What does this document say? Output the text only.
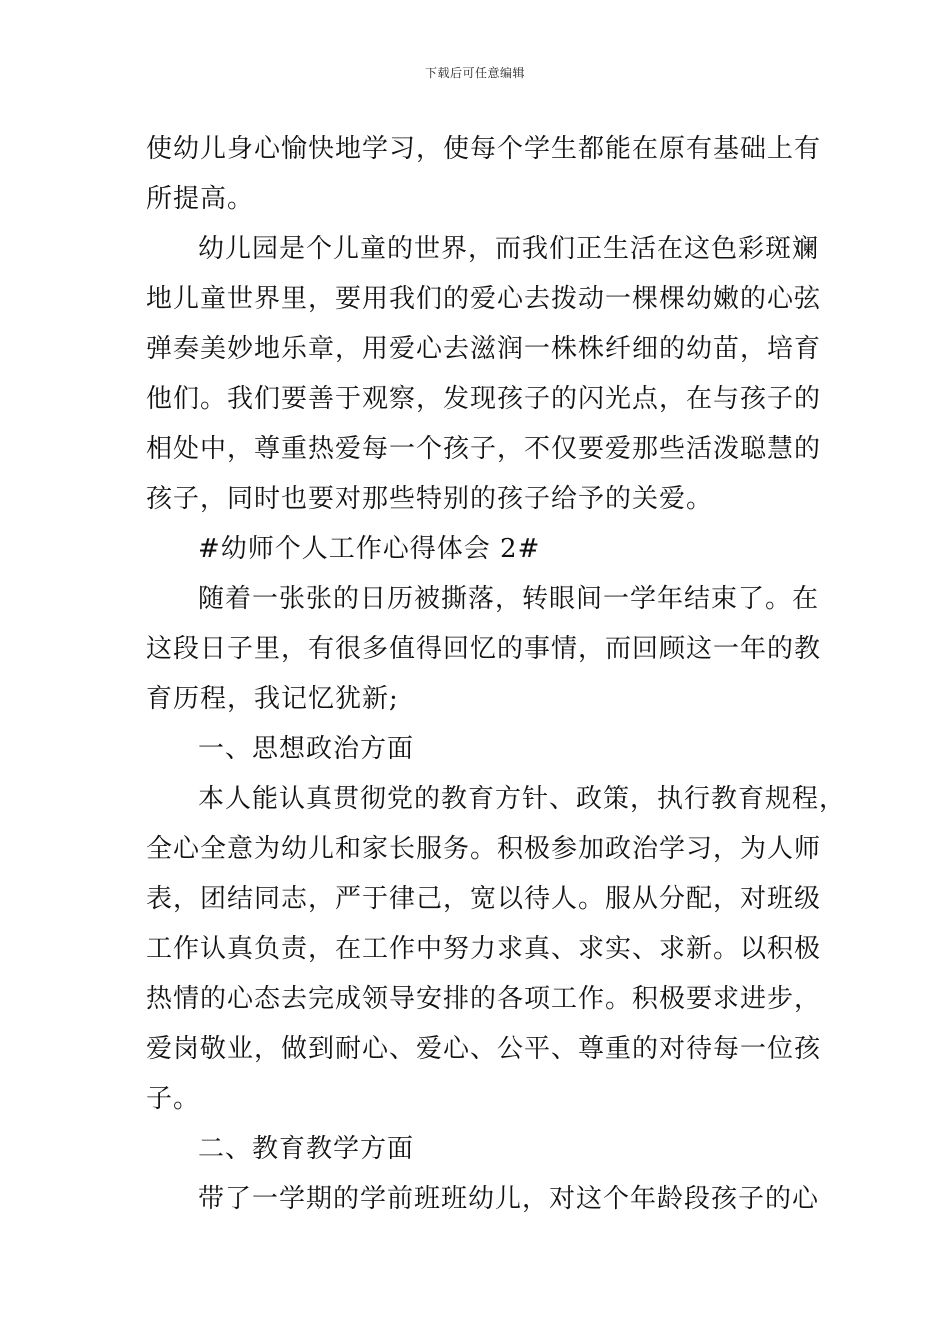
下载后可任意编辑
使幼儿身心愉快地学习，使每个学生都能在原有基础上有
所提高。
幼儿园是个儿童的世界，而我们正生活在这色彩斑斓
地儿童世界里，要用我们的爱心去拨动一棵棵幼嫩的心弦
弹奏美妙地乐章，用爱心去滋润一株株纤细的幼苗，培育
他们。我们要善于观察，发现孩子的闪光点，在与孩子的
相处中，尊重热爱每一个孩子，不仅要爱那些活泼聪慧的
孩子，同时也要对那些特别的孩子给予的关爱。
#幼师个人工作心得体会 2#
随着一张张的日历被撕落，转眼间一学年结束了。在
这段日子里，有很多值得回忆的事情，而回顾这一年的教
育历程，我记忆犹新;
一、思想政治方面
本人能认真贯彻党的教育方针、政策，执行教育规程，
全心全意为幼儿和家长服务。积极参加政治学习，为人师
表，团结同志，严于律己，宽以待人。服从分配，对班级
工作认真负责，在工作中努力求真、求实、求新。以积极
热情的心态去完成领导安排的各项工作。积极要求进步，
爱岗敬业，做到耐心、爱心、公平、尊重的对待每一位孩
子。
二、教育教学方面
带了一学期的学前班班幼儿，对这个年龄段孩子的心
